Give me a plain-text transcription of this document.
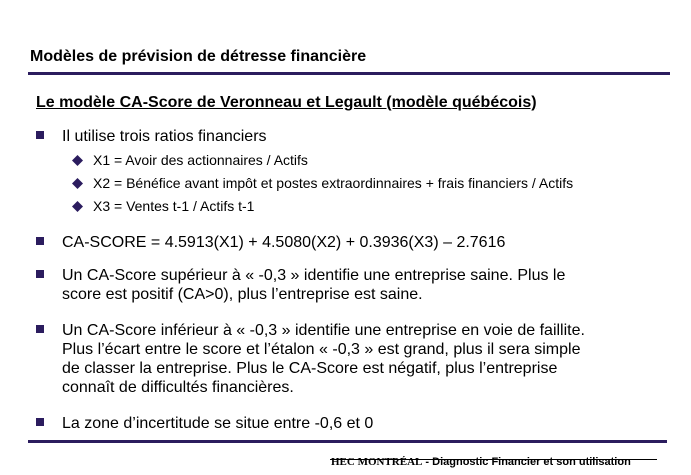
Modèles de prévision de détresse financière
Le modèle CA-Score de Veronneau et Legault (modèle québécois)
Il utilise trois ratios financiers
X1 = Avoir des actionnaires / Actifs
X2 = Bénéfice avant impôt et postes extraordinnaires + frais financiers / Actifs
X3 = Ventes t-1 / Actifs t-1
CA-SCORE = 4.5913(X1) + 4.5080(X2) + 0.3936(X3) – 2.7616
Un CA-Score supérieur à « -0,3 » identifie une entreprise saine. Plus le
score est positif (CA>0), plus l’entreprise est saine.
Un CA-Score inférieur à « -0,3 » identifie une entreprise en voie de faillite.
Plus l’écart entre le score et l’étalon « -0,3 » est grand, plus il sera simple
de classer la entreprise. Plus le CA-Score est négatif, plus l’entreprise
connaît de difficultés financières.
La zone d’incertitude se situe entre -0,6 et 0
HEC MONTRÉAL - Diagnostic Financier et son utilisation
